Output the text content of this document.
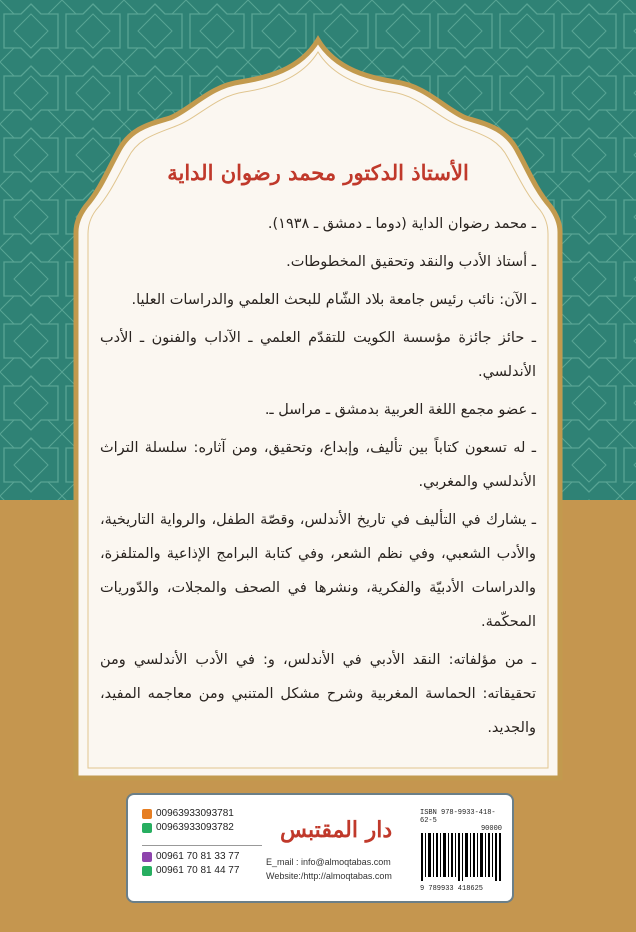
الأستاذ الدكتور محمد رضوان الداية

ـ محمد رضوان الداية (دوما ـ دمشق ـ ١٩٣٨).

ـ أستاذ الأدب والنقد وتحقيق المخطوطات.

ـ الآن: نائب رئيس جامعة بلاد الشّام للبحث العلمي والدراسات العليا.

ـ حائز جائزة مؤسسة الكويت للتقدّم العلمي ـ الآداب والفنون ـ الأدب الأندلسي.

ـ عضو مجمع اللغة العربية بدمشق ـ مراسل ـ.

ـ له تسعون كتاباً بين تأليف، وإبداع، وتحقيق، ومن آثاره: سلسلة التراث الأندلسي والمغربي.

ـ يشارك في التأليف في تاريخ الأندلس، وقصّة الطفل، والرواية التاريخية، والأدب الشعبي، وفي نظم الشعر، وفي كتابة البرامج الإذاعية والمتلفزة، والدراسات الأدبيّة والفكرية، ونشرها في الصحف والمجلات، والدّوريات المحكّمة.

ـ من مؤلفاته: النقد الأدبي في الأندلس، و: في الأدب الأندلسي ومن تحقيقاته: الحماسة المغربية وشرح مشكل المتنبي ومن معاجمه المفيد، والجديد.

00963933093781
00963933093782
00961 70 81 33 77
00961 70 81 44 77
دار المقتبس
E_mail : info@almoqtabas.com
Website:/http://almoqtabas.com
ISBN 978-9933-418-62-5
90000
9 789933 418625
